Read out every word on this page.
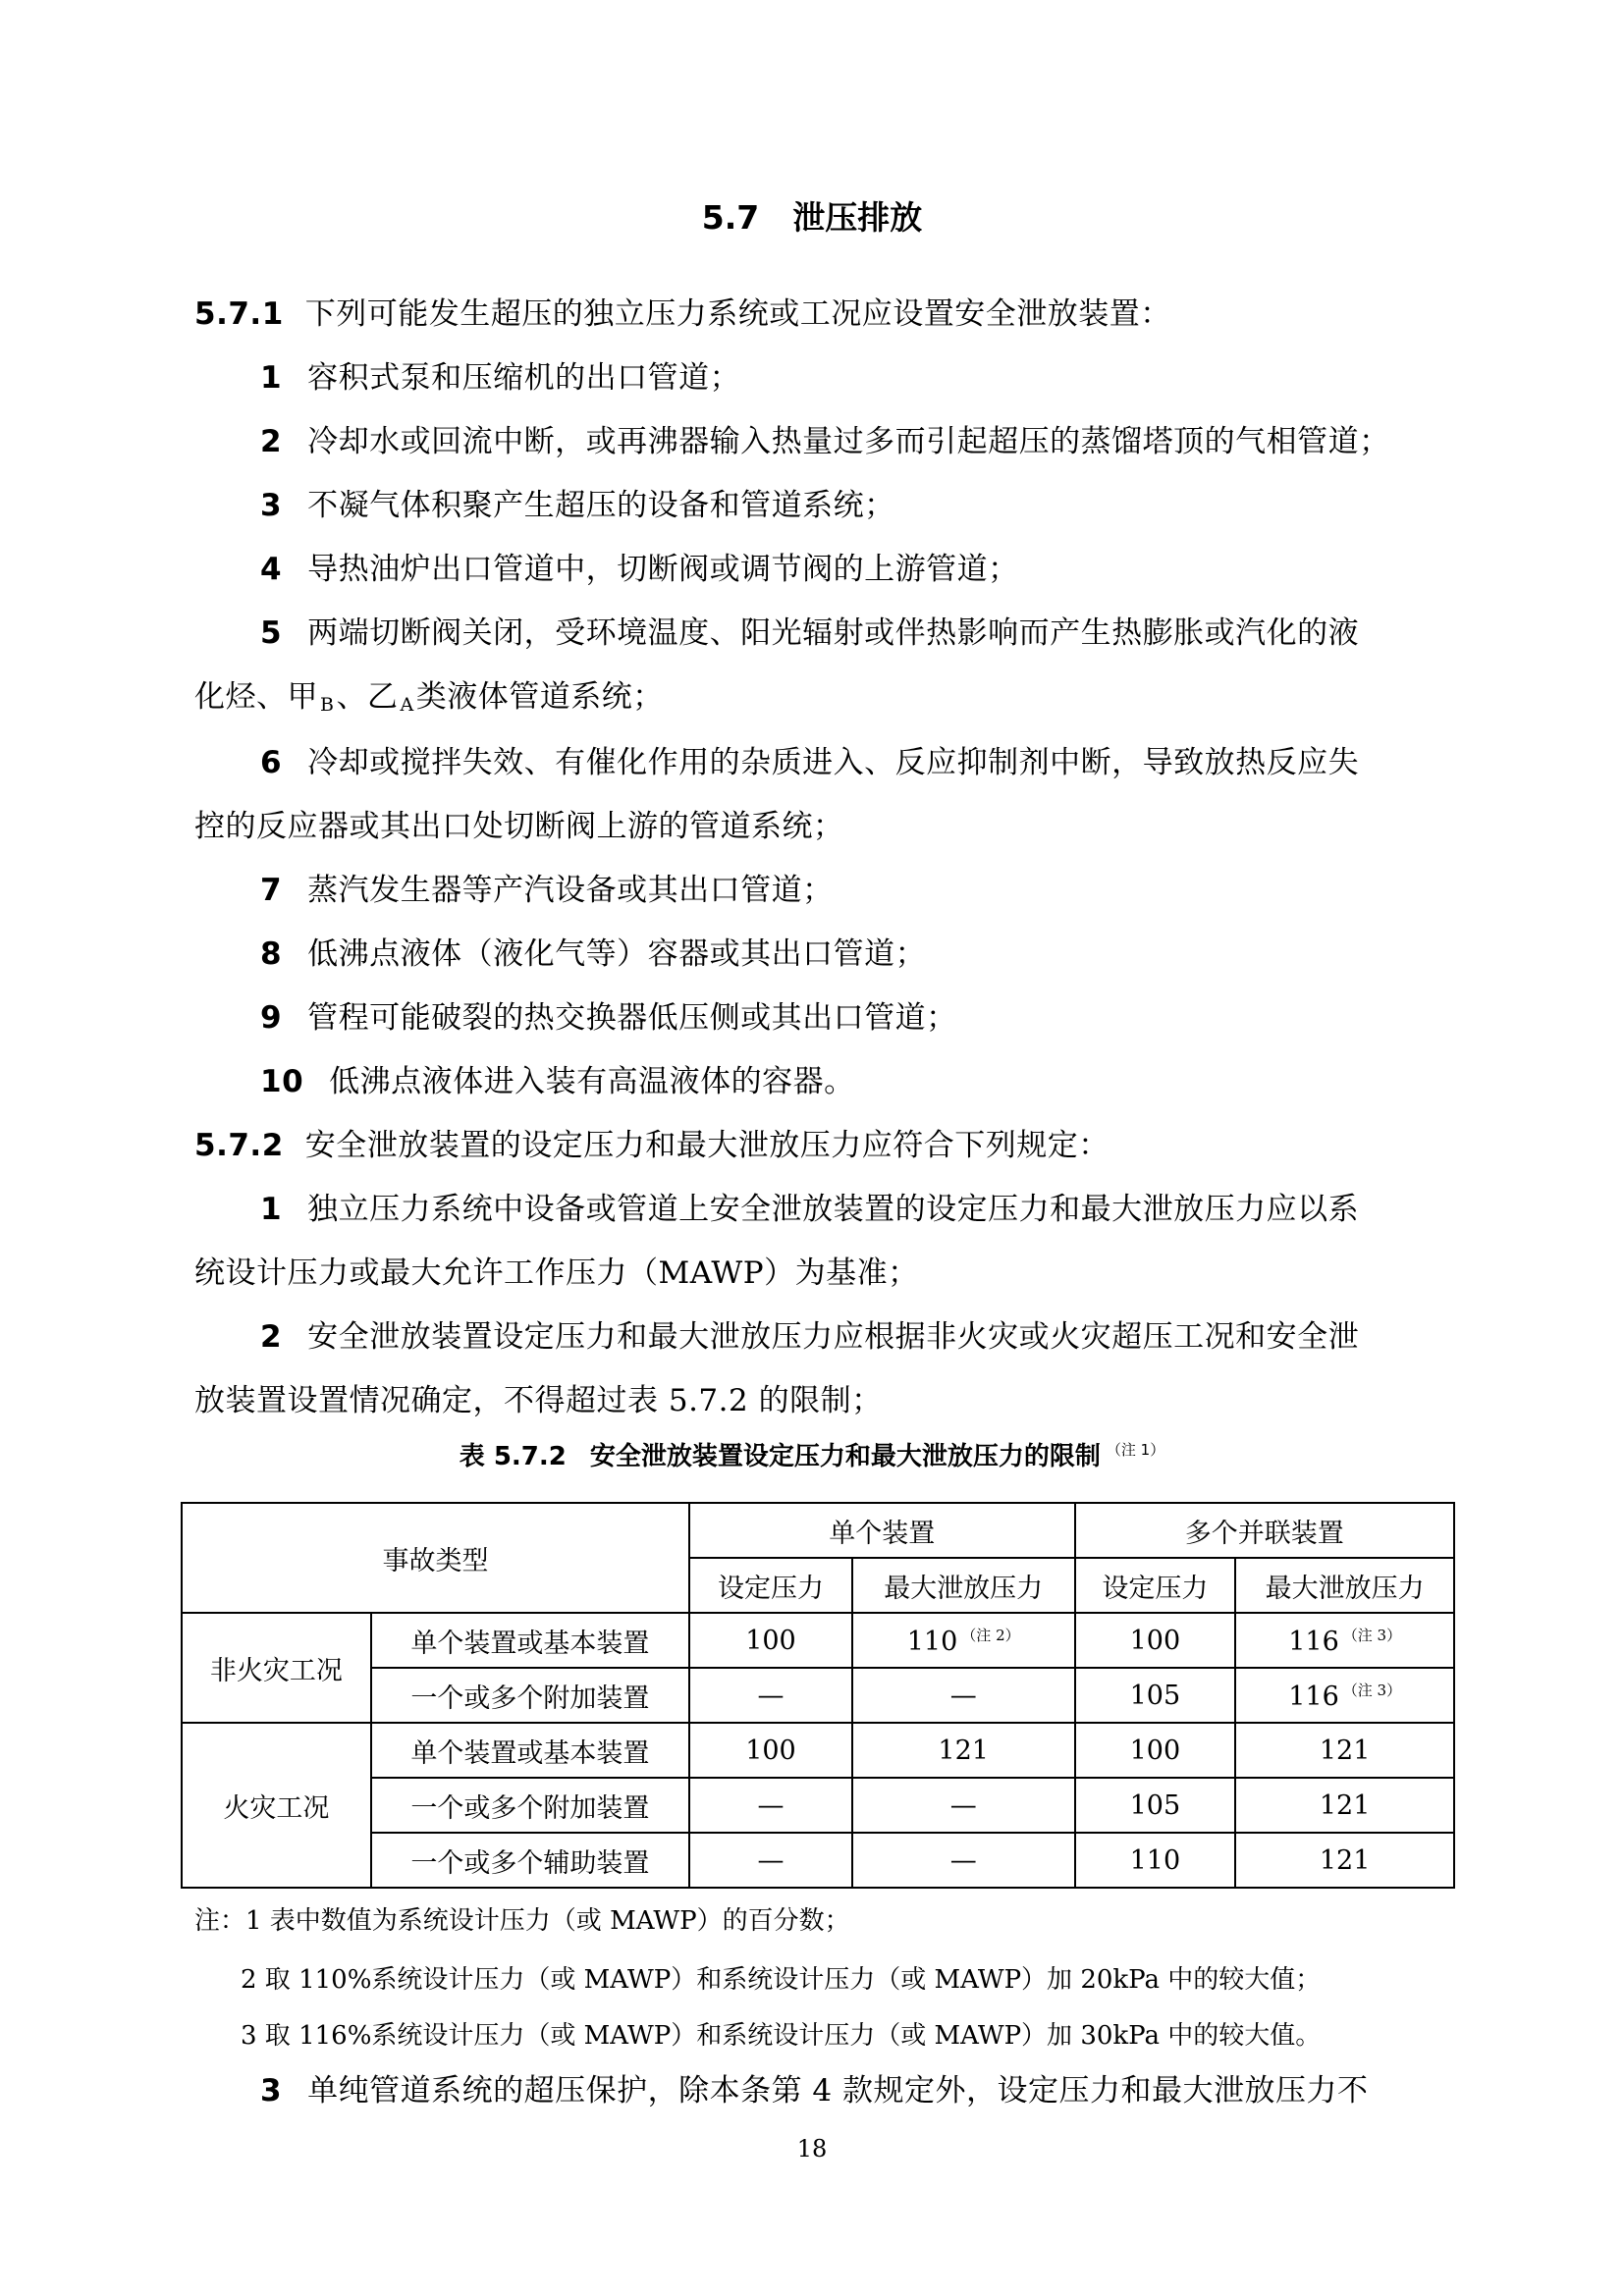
5.7 泄压排放
5.7.1 下列可能发生超压的独立压力系统或工况应设置安全泄放装置：
1 容积式泵和压缩机的出口管道；
2 冷却水或回流中断，或再沸器输入热量过多而引起超压的蒸馏塔顶的气相管道；
3 不凝气体积聚产生超压的设备和管道系统；
4 导热油炉出口管道中，切断阀或调节阀的上游管道；
5 两端切断阀关闭，受环境温度、阳光辐射或伴热影响而产生热膨胀或汽化的液
化烃、甲 $_B$、乙 $_A$类液体管道系统；
6 冷却或搅拌失效、有催化作用的杂质进入、反应抑制剂中断，导致放热反应失
控的反应器或其出口处切断阀上游的管道系统；
7 蒸汽发生器等产汽设备或其出口管道；
8 低沸点液体（液化气等）容器或其出口管道；
9 管程可能破裂的热交换器低压侧或其出口管道；
10 低沸点液体进入装有高温液体的容器。
5.7.2 安全泄放装置的设定压力和最大泄放压力应符合下列规定：
1 独立压力系统中设备或管道上安全泄放装置的设定压力和最大泄放压力应以系
统设计压力或最大允许工作压力（MAWP）为基准；
2 安全泄放装置设定压力和最大泄放压力应根据非火灾或火灾超压工况和安全泄
放装置设置情况确定，不得超过表 5.7.2 的限制；
表 5.7.2 安全泄放装置设定压力和最大泄放压力的限制 $^{(注 1)}$
事故类型		单个装置		多个并联装置	
		设定压力	最大泄放压力	设定压力	最大泄放压力
非火灾工况	单个装置或基本装置	100	110 $^{(注 2)}$	100	116 $^{(注 3)}$
	一个或多个附加装置	—	—	105	116 $^{(注 3)}$
火灾工况	单个装置或基本装置	100	121	100	121
	一个或多个附加装置	—	—	105	121
	一个或多个辅助装置	—	—	110	121
注：1 表中数值为系统设计压力（或 MAWP）的百分数；
2 取 110%系统设计压力（或 MAWP）和系统设计压力（或 MAWP）加 20kPa 中的较大值；
3 取 116%系统设计压力（或 MAWP）和系统设计压力（或 MAWP）加 30kPa 中的较大值。
3 单纯管道系统的超压保护，除本条第 4 款规定外，设定压力和最大泄放压力不
18
